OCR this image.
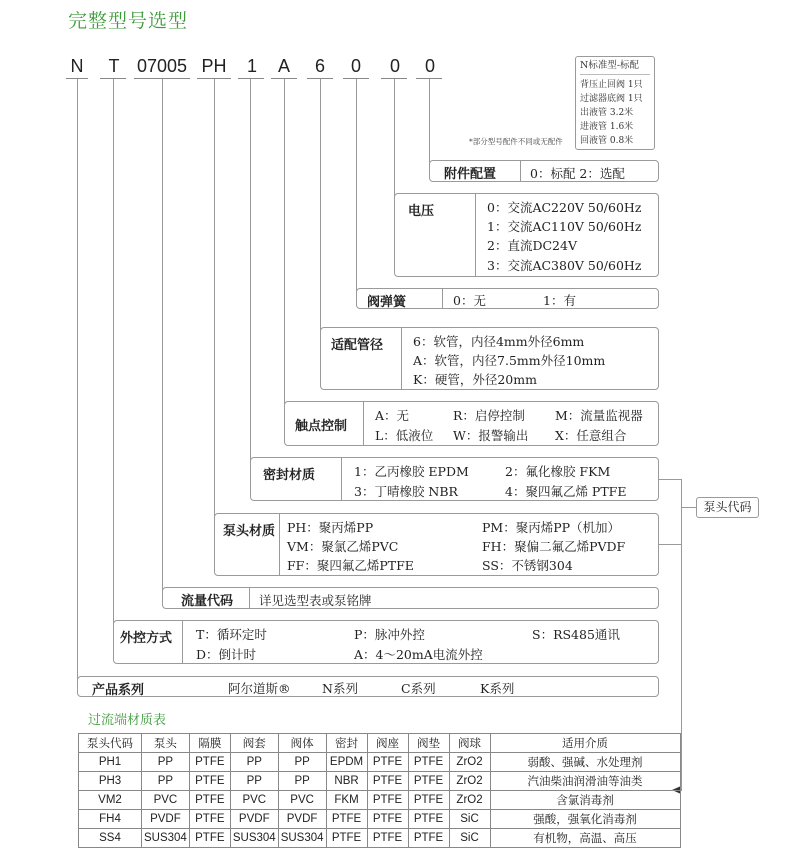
完整型号选型
N	T 07005 PH	1	A	6	0	0	0	N标准型-标配
背压止回阀 1只
过滤器底阀 1只
出液管 3.2米
进液管 1.6米
回液管 0.8米
*部分型号配件不同或无配件
附件配置	0：标配 2：选配
电压	0：交流AC220V 50/60Hz
1：交流AC110V 50/60Hz
2：直流DC24V
3：交流AC380V 50/60Hz
阀弹簧	0：无	1：有
适配管径 6：软管，内径4mm外径6mm
A：软管，内径7.5mm外径10mm
K：硬管，外径20mm
触点控制
A：无	R：启停控制 M：流量监视器
L：低液位 W：报警输出 X：任意组合
密封材质	1：乙丙橡胶 EPDM	2：氟化橡胶 FKM
3：丁晴橡胶 NBR	4：聚四氟乙烯 PTFE
泵头材质 PH：聚丙烯PP	PM：聚丙烯PP（机加）
VM：聚氯乙烯PVC	FH：聚偏二氟乙烯PVDF
FF：聚四氟乙烯PTFE	SS：不锈钢304
泵头代码
流量代码 详见选型表或泵铭牌
外控方式 T：循环定时	P：脉冲外控	S：RS485通讯
D：倒计时	A：4～20mA电流外控
产品系列	阿尔道斯®	N系列	C系列	K系列
过流端材质表
泵头代码	泵头	隔膜	阀套	阀体	密封	阀座	阀垫	阀球	适用介质
PH1	PP	PTFE	PP	PP	EPDM	PTFE	PTFE	ZrO2	弱酸、强碱、水处理剂
PH3	PP	PTFE	PP	PP	NBR	PTFE	PTFE	ZrO2	汽油柴油润滑油等油类
VM2	PVC	PTFE	PVC	PVC	FKM	PTFE	PTFE	ZrO2	含氯消毒剂
FH4	PVDF	PTFE	PVDF	PVDF	PTFE	PTFE	PTFE	SiC	强酸，强氧化消毒剂
SS4	SUS304	PTFE	SUS304	SUS304	PTFE	PTFE	PTFE	SiC	有机物，高温、高压
